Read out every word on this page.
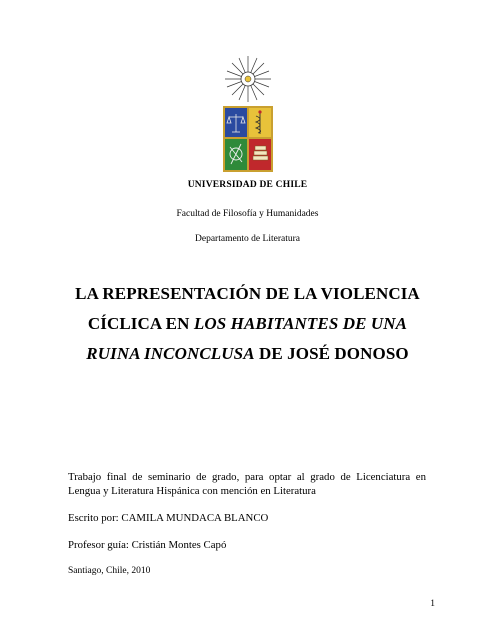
UNIVERSIDAD DE CHILE
Facultad de Filosofía y Humanidades
Departamento de Literatura
LA REPRESENTACIÓN DE LA VIOLENCIA
CÍCLICA EN LOS HABITANTES DE UNA
RUINA INCONCLUSA DE JOSÉ DONOSO
Trabajo final de seminario de grado, para optar al grado de Licenciatura en Lengua y Literatura Hispánica con mención en Literatura
Escrito por: CAMILA MUNDACA BLANCO
Profesor guía: Cristián Montes Capó
Santiago, Chile, 2010
1
